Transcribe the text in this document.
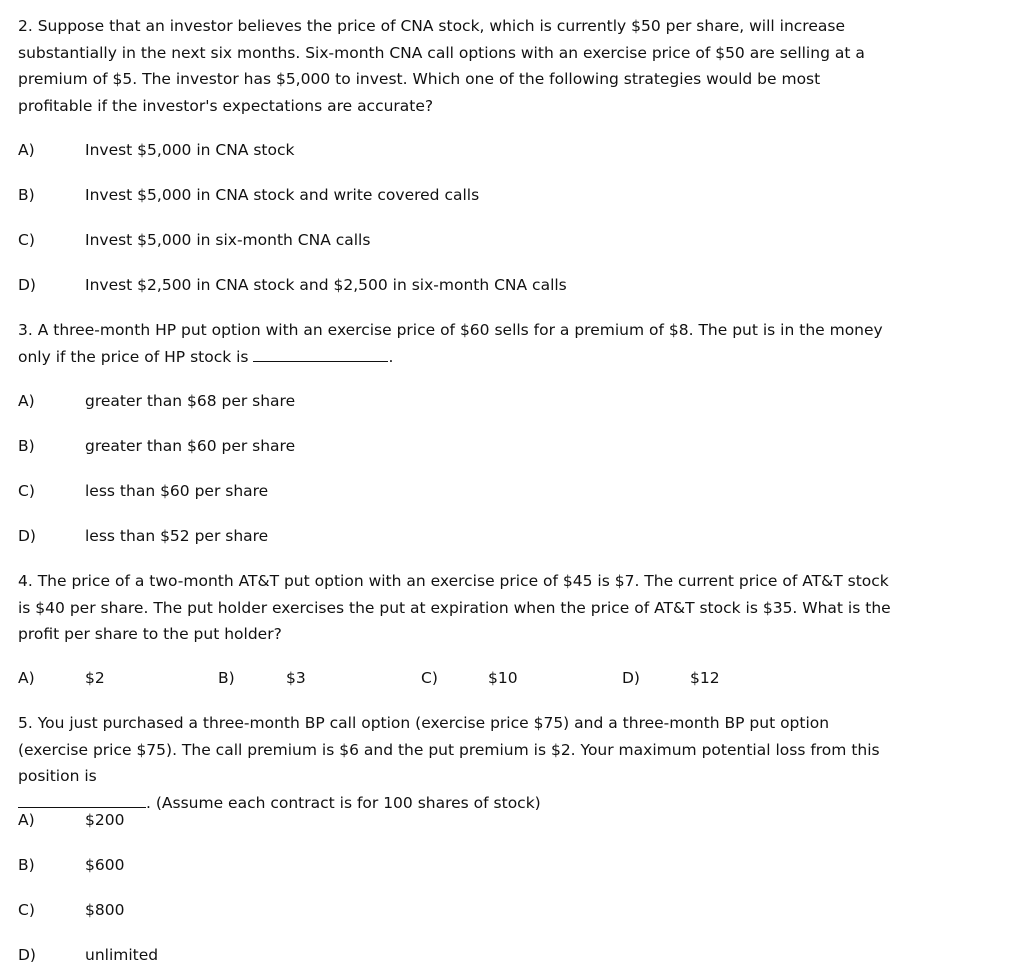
2. Suppose that an investor believes the price of CNA stock, which is currently $50 per share, will increase substantially in the next six months. Six-month CNA call options with an exercise price of $50 are selling at a premium of $5. The investor has $5,000 to invest. Which one of the following strategies would be most profitable if the investor's expectations are accurate?

A)	Invest $5,000 in CNA stock
B)	Invest $5,000 in CNA stock and write covered calls
C)	Invest $5,000 in six-month CNA calls
D)	Invest $2,500 in CNA stock and $2,500 in six-month CNA calls

3. A three-month HP put option with an exercise price of $60 sells for a premium of $8. The put is in the money only if the price of HP stock is	.

A)	greater than $68 per share
B)	greater than $60 per share
C)	less than $60 per share
D)	less than $52 per share

4. The price of a two-month AT&T put option with an exercise price of $45 is $7. The current price of AT&T stock is $40 per share. The put holder exercises the put at expiration when the price of AT&T stock is $35. What is the profit per share to the put holder?

A)	$2	B)	$3	C)	$10	D)	$12

5. You just purchased a three-month BP call option (exercise price $75) and a three-month BP put option (exercise price $75). The call premium is $6 and the put premium is $2. Your maximum potential loss from this position is
. (Assume each contract is for 100 shares of stock)

A)	$200
B)	$600
C)	$800
D)	unlimited
